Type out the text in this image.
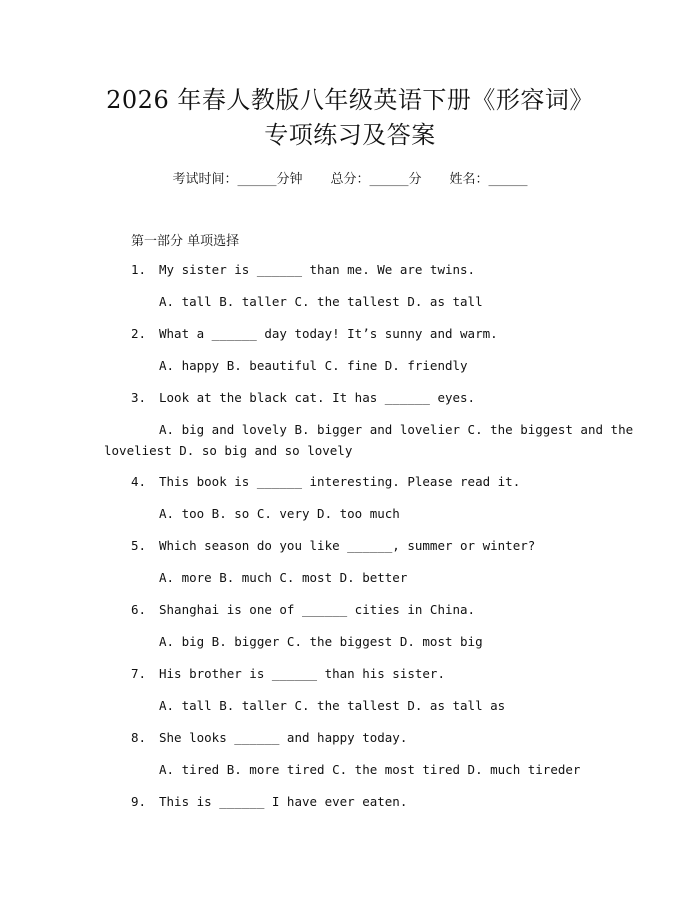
2026 年春人教版八年级英语下册《形容词》
专项练习及答案
考试时间：______分钟 总分：______分 姓名：______
第一部分 单项选择

1.

My sister is ______ than me. We are twins.

A. tall B. taller C. the tallest D. as tall

2.

What a ______ day today! It’s sunny and warm.

A. happy B. beautiful C. fine D. friendly

3.

Look at the black cat. It has ______ eyes.

A. big and lovely B. bigger and lovelier C. the biggest and the
loveliest D. so big and so lovely

4.

This book is ______ interesting. Please read it.

A. too B. so C. very D. too much

5.

Which season do you like ______, summer or winter?

A. more B. much C. most D. better

6.

Shanghai is one of ______ cities in China.

A. big B. bigger C. the biggest D. most big

7.

His brother is ______ than his sister.

A. tall B. taller C. the tallest D. as tall as

8.

She looks ______ and happy today.

A. tired B. more tired C. the most tired D. much tireder

9.

This is ______ I have ever eaten.
